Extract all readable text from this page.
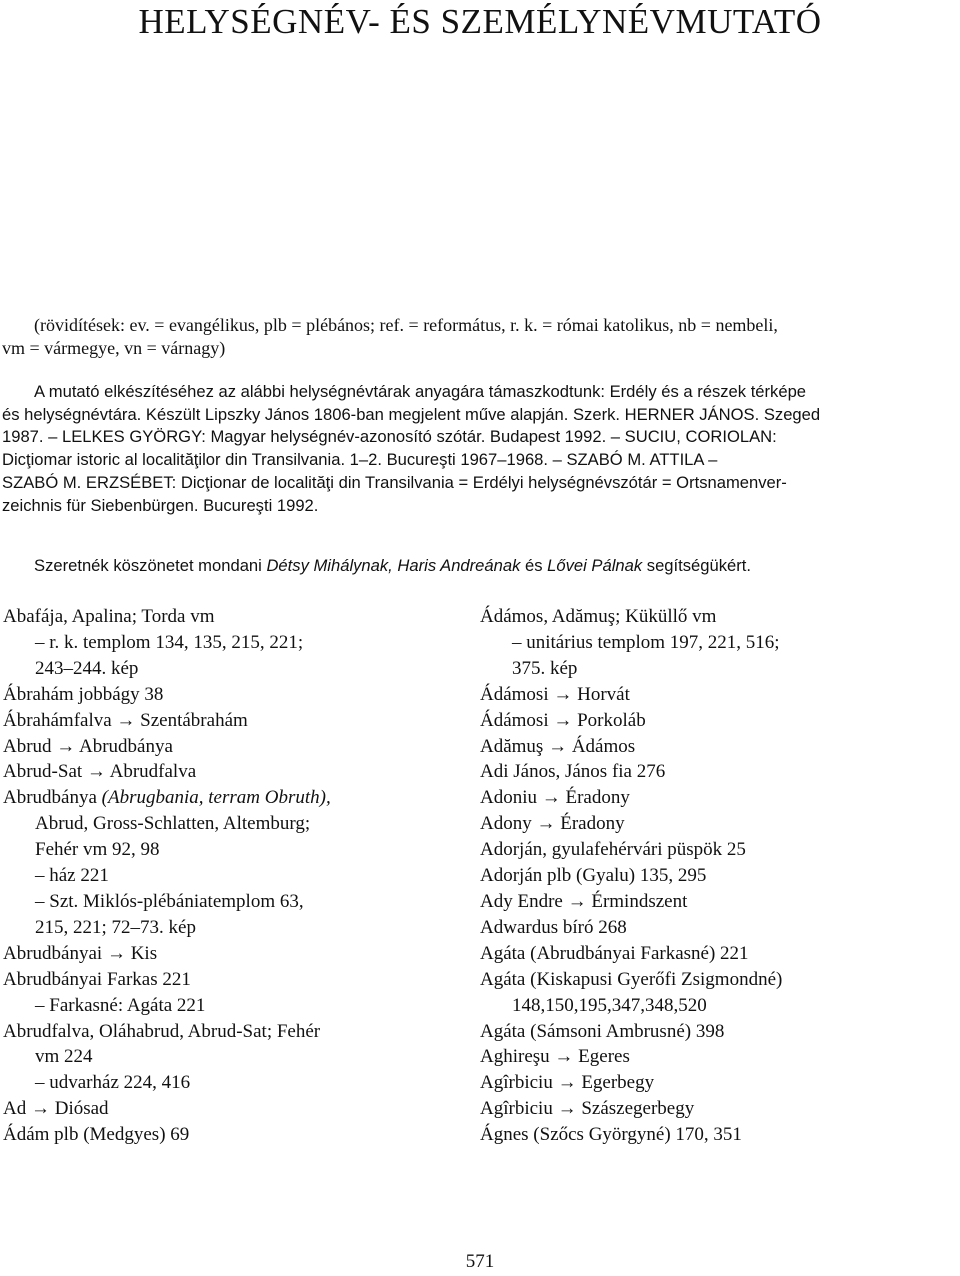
HELYSÉGNÉV- ÉS SZEMÉLYNÉVMUTATÓ
(rövidítések: ev. = evangélikus, plb = plébános; ref. = református, r. k. = római katolikus, nb = nembeli,
vm = vármegye, vn = várnagy)
A mutató elkészítéséhez az alábbi helységnévtárak anyagára támaszkodtunk: Erdély és a részek térképe
és helységnévtára. Készült Lipszky János 1806-ban megjelent műve alapján. Szerk. HERNER JÁNOS. Szeged
1987. – LELKES GYÖRGY: Magyar helységnév-azonosító szótár. Budapest 1992. – SUCIU, CORIOLAN:
Dicţiomar istoric al localităţilor din Transilvania. 1–2. Bucureşti 1967–1968. – SZABÓ M. ATTILA –
SZABÓ M. ERZSÉBET: Dicţionar de localităţi din Transilvania = Erdélyi helységnévszótár = Ortsnamenver-
zeichnis für Siebenbürgen. Bucureşti 1992.

Szeretnék köszönetet mondani Détsy Mihálynak, Haris Andreának és Lővei Pálnak segítségükért.

Abafája, Apalina; Torda vm
– r. k. templom 134, 135, 215, 221;
243–244. kép
Ábrahám jobbágy 38
Ábrahámfalva → Szentábrahám
Abrud → Abrudbánya
Abrud-Sat → Abrudfalva
Abrudbánya (Abrugbania, terram Obruth),
Abrud, Gross-Schlatten, Altemburg;
Fehér vm 92, 98
– ház 221
– Szt. Miklós-plébániatemplom 63,
215, 221; 72–73. kép
Abrudbányai → Kis
Abrudbányai Farkas 221
– Farkasné: Agáta 221
Abrudfalva, Oláhabrud, Abrud-Sat; Fehér
vm 224
– udvarház 224, 416
Ad → Diósad
Ádám plb (Medgyes) 69
Ádámos, Adămuş; Küküllő vm
– unitárius templom 197, 221, 516;
375. kép
Ádámosi → Horvát
Ádámosi → Porkoláb
Adămuş → Ádámos
Adi János, János fia 276
Adoniu → Éradony
Adony → Éradony
Adorján, gyulafehérvári püspök 25
Adorján plb (Gyalu) 135, 295
Ady Endre → Érmindszent
Adwardus bíró 268
Agáta (Abrudbányai Farkasné) 221
Agáta (Kiskapusi Gyerőfi Zsigmondné)
148,150,195,347,348,520
Agáta (Sámsoni Ambrusné) 398
Aghireşu → Egeres
Agîrbiciu → Egerbegy
Agîrbiciu → Szászegerbegy
Ágnes (Szőcs Györgyné) 170, 351
571
